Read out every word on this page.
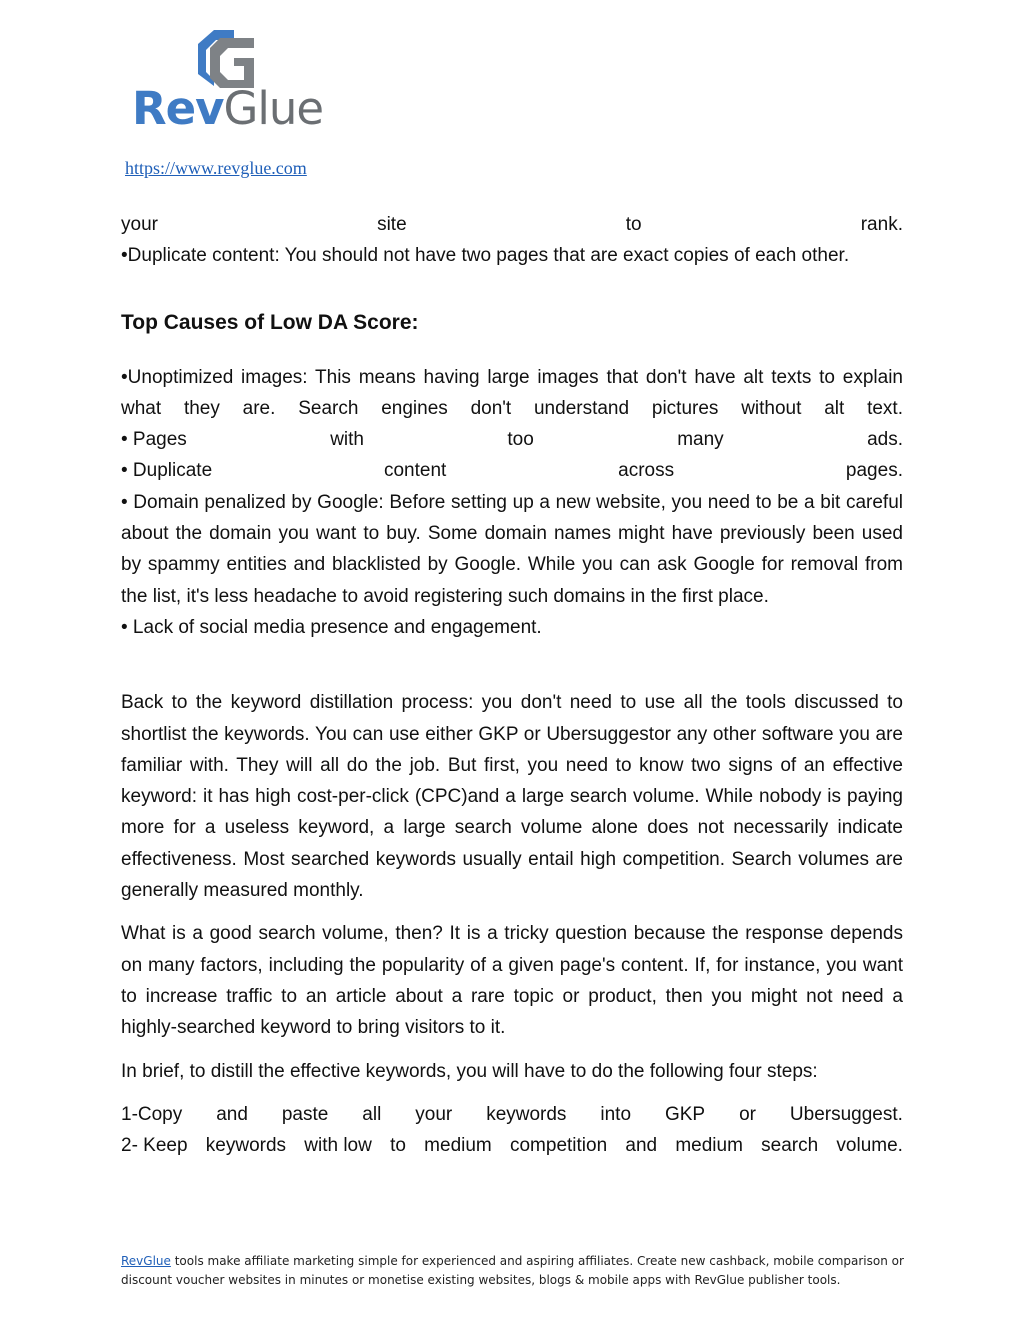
RevGlue
https://www.revglue.com
your	site	to	rank.
•Duplicate content: You should not have two pages that are exact copies of each other.
Top Causes of Low DA Score:
•Unoptimized images: This means having large images that don't have alt texts to explain what they are. Search engines don't understand pictures without alt text.
• Pages	with	too	many	ads.
• Duplicate	content	across	pages.
• Domain penalized by Google: Before setting up a new website, you need to be a bit careful about the domain you want to buy. Some domain names might have previously been used by spammy entities and blacklisted by Google. While you can ask Google for removal from the list, it's less headache to avoid registering such domains in the first place.
• Lack of social media presence and engagement.
Back to the keyword distillation process: you don't need to use all the tools discussed to shortlist the keywords. You can use either GKP or Ubersuggestor any other software you are familiar with. They will all do the job. But first, you need to know two signs of an effective keyword: it has high cost-per-click (CPC)and a large search volume. While nobody is paying more for a useless keyword, a large search volume alone does not necessarily indicate effectiveness. Most searched keywords usually entail high competition. Search volumes are generally measured monthly.
What is a good search volume, then? It is a tricky question because the response depends on many factors, including the popularity of a given page's content. If, for instance, you want to increase traffic to an article about a rare topic or product, then you might not need a highly-searched keyword to bring visitors to it.
In brief, to distill the effective keywords, you will have to do the following four steps:
1-Copy and paste all your keywords into GKP or Ubersuggest.
2- Keep keywords with low to medium competition and medium search volume.
RevGlue tools make affiliate marketing simple for experienced and aspiring affiliates. Create new cashback, mobile comparison or discount voucher websites in minutes or monetise existing websites, blogs & mobile apps with RevGlue publisher tools.
